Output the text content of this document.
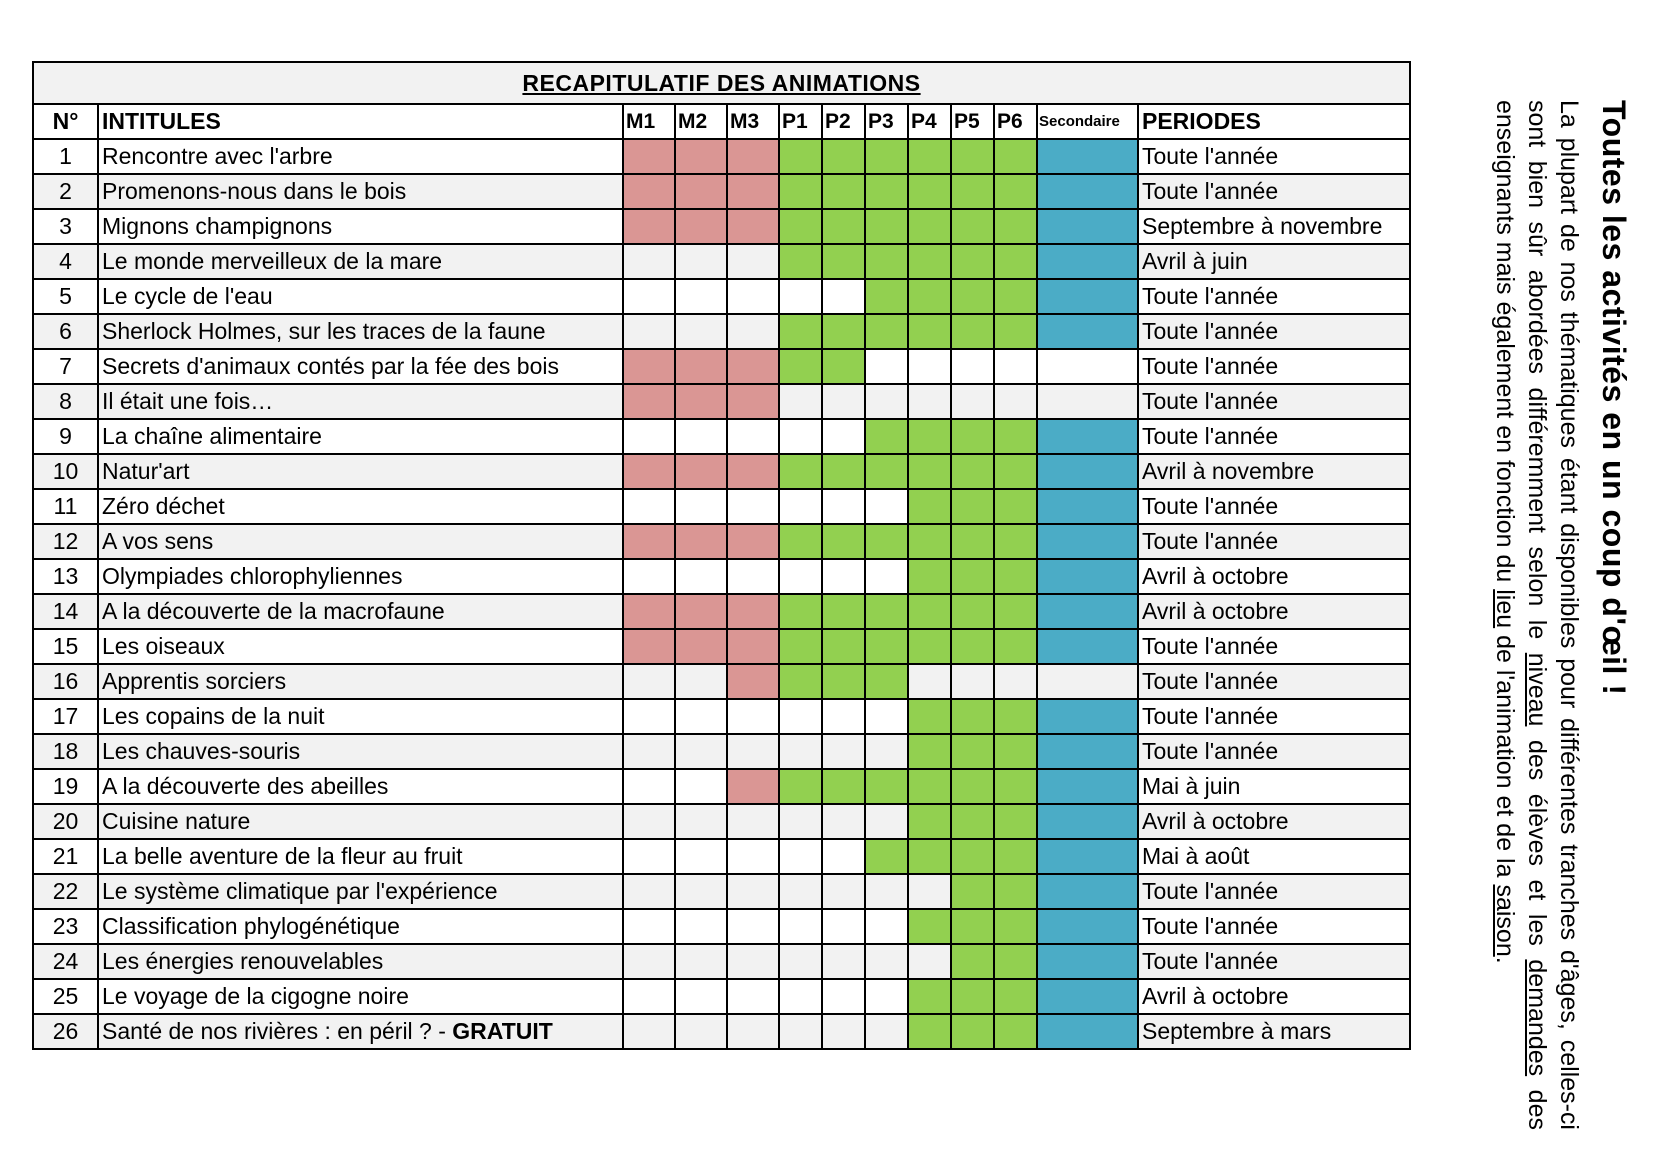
RECAPITULATIF DES ANIMATIONS												
N°	INTITULES	M1	M2	M3	P1	P2	P3	P4	P5	P6	Secondaire	PERIODES
1	Rencontre avec l'arbre											Toute l'année
2	Promenons-nous dans le bois											Toute l'année
3	Mignons champignons											Septembre à novembre
4	Le monde merveilleux de la mare											Avril à juin
5	Le cycle de l'eau											Toute l'année
6	Sherlock Holmes, sur les traces de la faune											Toute l'année
7	Secrets d'animaux contés par la fée des bois											Toute l'année
8	Il était une fois…											Toute l'année
9	La chaîne alimentaire											Toute l'année
10	Natur'art											Avril à novembre
11	Zéro déchet											Toute l'année
12	A vos sens											Toute l'année
13	Olympiades chlorophyliennes											Avril à octobre
14	A la découverte de la macrofaune											Avril à octobre
15	Les oiseaux											Toute l'année
16	Apprentis sorciers											Toute l'année
17	Les copains de la nuit											Toute l'année
18	Les chauves-souris											Toute l'année
19	A la découverte des abeilles											Mai à juin
20	Cuisine nature											Avril à octobre
21	La belle aventure de la fleur au fruit											Mai à août
22	Le système climatique par l'expérience											Toute l'année
23	Classification phylogénétique											Toute l'année
24	Les énergies renouvelables											Toute l'année
25	Le voyage de la cigogne noire											Avril à octobre
26	Santé de nos rivières : en péril ? - GRATUIT											Septembre à mars

Toutes les activités en un coup d'œil !

La plupart de nos thématiques étant disponibles pour différentes tranches d'âges, celles-ci sont bien sûr abordées différemment selon le niveau des élèves et les demandes des enseignants mais également en fonction du lieu de l'animation et de la saison.
